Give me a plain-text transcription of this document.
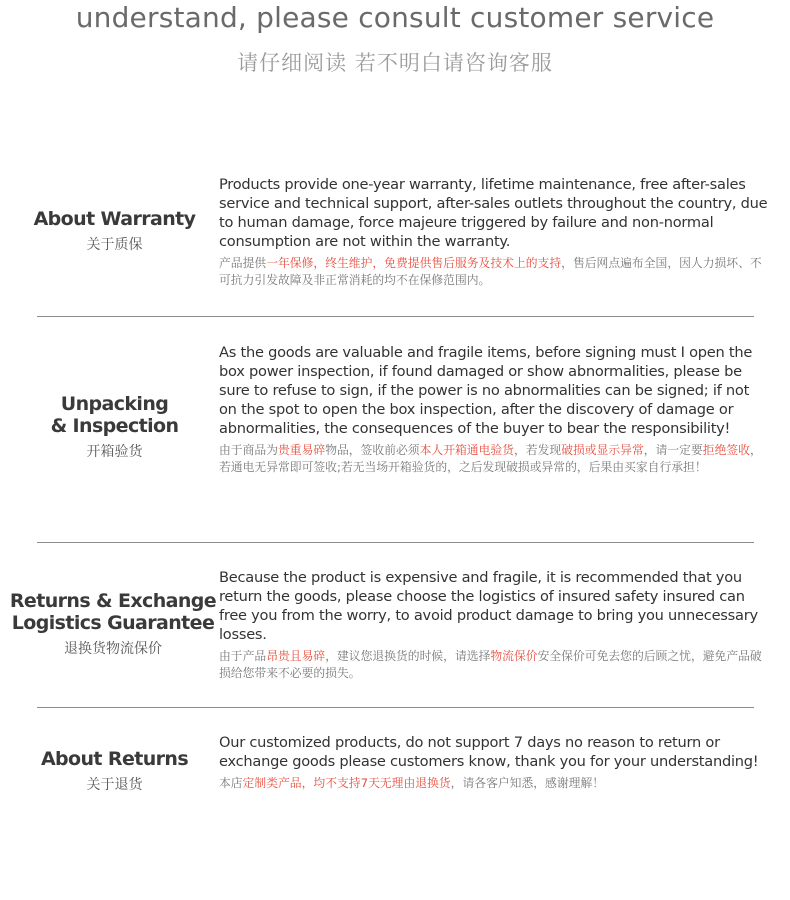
understand, please consult customer service
请仔细阅读 若不明白请咨询客服
About Warranty
关于质保
Products provide one-year warranty, lifetime maintenance, free after-sales service and technical support, after-sales outlets throughout the country, due to human damage, force majeure triggered by failure and non-normal consumption are not within the warranty.
产品提供一年保修，终生维护，免费提供售后服务及技术上的支持，售后网点遍布全国，因人力损坏、不可抗力引发故障及非正常消耗的均不在保修范围内。
Unpacking
& Inspection
开箱验货
As the goods are valuable and fragile items, before signing must I open the box power inspection, if found damaged or show abnormalities, please be sure to refuse to sign, if the power is no abnormalities can be signed; if not on the spot to open the box inspection, after the discovery of damage or abnormalities, the consequences of the buyer to bear the responsibility!
由于商品为贵重易碎物品，签收前必须本人开箱通电验货，若发现破损或显示异常，请一定要拒绝签收，若通电无异常即可签收;若无当场开箱验货的，之后发现破损或异常的，后果由买家自行承担！
Returns & Exchange
Logistics Guarantee
退换货物流保价
Because the product is expensive and fragile, it is recommended that you return the goods, please choose the logistics of insured safety insured can free you from the worry, to avoid product damage to bring you unnecessary losses.
由于产品昂贵且易碎，建议您退换货的时候，请选择物流保价安全保价可免去您的后顾之忧，避免产品破损给您带来不必要的损失。
About Returns
关于退货
Our customized products, do not support 7 days no reason to return or exchange goods please customers know, thank you for your understanding!
本店定制类产品，均不支持7天无理由退换货，请各客户知悉，感谢理解！
